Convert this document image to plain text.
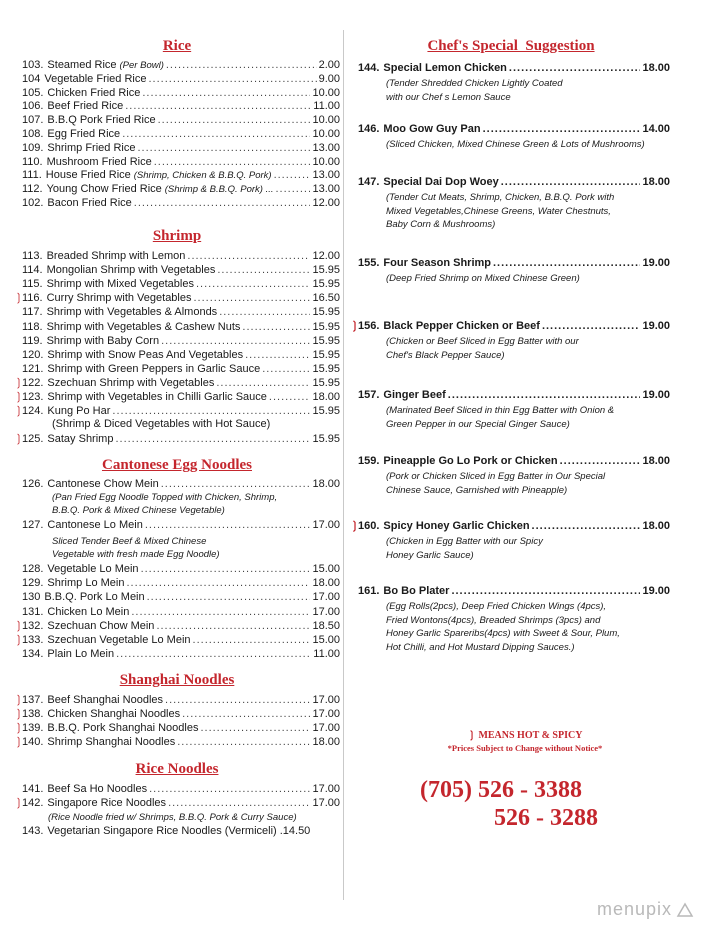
Rice
103. Steamed Rice (Per Bowl) .....	2.00
104 Vegetable Fried Rice .....	9.00
105. Chicken Fried Rice .....	10.00
106. Beef Fried Rice .....	11.00
107. B.B.Q Pork Fried Rice .....	10.00
108. Egg Fried Rice .....	10.00
109. Shrimp Fried Rice .....	13.00
110. Mushroom Fried Rice .....	10.00
111. House Fried Rice (Shrimp, Chicken & B.B.Q. Pork) .....	13.00
112. Young Chow Fried Rice (Shrimp & B.B.Q. Pork) ... .....	13.00
102. Bacon Fried Rice .....	12.00
Shrimp
113. Breaded Shrimp with Lemon .....	12.00
114. Mongolian Shrimp with Vegetables .....	15.95
115. Shrimp with Mixed Vegetables .....	15.95
❳
116. Curry Shrimp with Vegetables .....	16.50
117. Shrimp with Vegetables & Almonds .....	15.95
118. Shrimp with Vegetables & Cashew Nuts .....	15.95
119. Shrimp with Baby Corn .....	15.95
120. Shrimp with Snow Peas And Vegetables .....	15.95
121. Shrimp with Green Peppers in Garlic Sauce .....	15.95
❳
122. Szechuan Shrimp with Vegetables .....	15.95
❳
123. Shrimp with Vegetables in Chilli Garlic Sauce .....	18.00
❳
124. Kung Po Har .....	15.95
❳
125. Satay Shrimp .....	15.95
(Shrimp & Diced Vegetables with Hot Sauce)
Cantonese Egg Noodles
126. Cantonese Chow Mein .....	18.00
(Pan Fried Egg Noodle Topped with Chicken, Shrimp,
B.B.Q. Pork & Mixed Chinese Vegetable)
127. Cantonese Lo Mein .....	17.00
Sliced Tender Beef & Mixed Chinese
Vegetable with fresh made Egg Noodle)
128. Vegetable Lo Mein .....	15.00
129. Shrimp Lo Mein .....	18.00
130 B.B.Q. Pork Lo Mein .....	17.00
131. Chicken Lo Mein .....	17.00
❳
132. Szechuan Chow Mein .....	18.50
❳
133. Szechuan Vegetable Lo Mein .....	15.00
134. Plain Lo Mein .....	11.00
Shanghai Noodles
❳
137. Beef Shanghai Noodles .....	17.00
❳
138. Chicken Shanghai Noodles .....	17.00
❳
139. B.B.Q. Pork Shanghai Noodles .....	17.00
❳
140. Shrimp Shanghai Noodles .....	18.00
Rice Noodles
141. Beef Sa Ho Noodles .....	17.00
❳
142. Singapore Rice Noodles .....	17.00
(Rice Noodle fried w/ Shrimps, B.B.Q. Pork & Curry Sauce)
143. Vegetarian Singapore Rice Noodles (Vermiceli) .14.50
Chef's Special  Suggestion
144. Special Lemon Chicken .....	18.00
(Tender Shredded Chicken Lightly Coated
with our Chef s Lemon Sauce
146. Moo Gow Guy Pan .....	14.00
(Sliced Chicken, Mixed Chinese Green & Lots of Mushrooms)
147. Special Dai Dop Woey .....	18.00
(Tender Cut Meats, Shrimp, Chicken, B.B.Q. Pork with
Mixed Vegetables,Chinese Greens, Water Chestnuts,
Baby Corn & Mushrooms)
155. Four Season Shrimp .....	19.00
(Deep Fried Shrimp on Mixed Chinese Green)
❳
156. Black Pepper Chicken or Beef .....	19.00
(Chicken or Beef Sliced in Egg Batter with our
Chef's Black Pepper Sauce)
157. Ginger Beef .....	19.00
(Marinated Beef Sliced in thin Egg Batter with Onion &
Green Pepper in our Special Ginger Sauce)
159. Pineapple Go Lo Pork or Chicken .....	18.00
(Pork or Chicken Sliced in Egg Batter in Our Special
Chinese Sauce, Garnished with Pineapple)
❳
160. Spicy Honey Garlic Chicken .....	18.00
(Chicken in Egg Batter with our Spicy
Honey Garlic Sauce)
161. Bo Bo Plater .....	19.00
(Egg Rolls(2pcs), Deep Fried Chicken Wings (4pcs),
Fried Wontons(4pcs), Breaded Shrimps (3pcs) and
Honey Garlic Spareribs(4pcs) with Sweet & Sour, Plum,
Hot Chilli, and Hot Mustard Dipping Sauces.)
❳ MEANS HOT & SPICY
*Prices Subject to Change without Notice*
(705) 526 - 3388
526 - 3288
menupix
